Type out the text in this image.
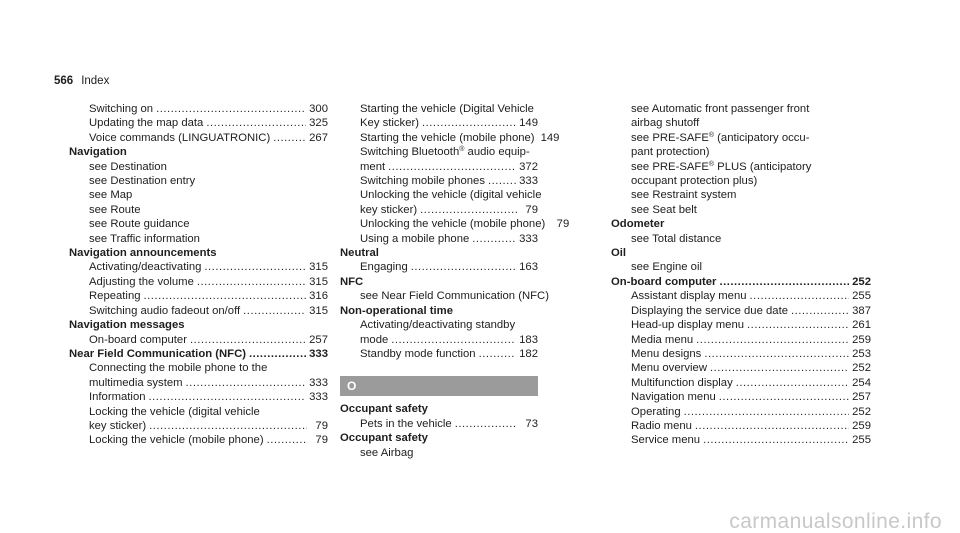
566 Index
Switching on .....	300
Updating the map data .....	325
Voice commands (LINGUATRONIC) .....	267
Navigation
see Destination
see Destination entry
see Map
see Route
see Route guidance
see Traffic information
Navigation announcements
Activating/deactivating .....	315
Adjusting the volume .....	315
Repeating .....	316
Switching audio fadeout on/off .....	315
Navigation messages
On-board computer .....	257
Near Field Communication (NFC) .....	333
Connecting the mobile phone to the
multimedia system .....	333
Information .....	333
Locking the vehicle (digital vehicle
key sticker) .....	79
Locking the vehicle (mobile phone) .....	79
Starting the vehicle (Digital Vehicle
Key sticker) .....	149
Starting the vehicle (mobile phone) 149
Switching Bluetooth® audio equip-
ment .....	372
Switching mobile phones .....	333
Unlocking the vehicle (digital vehicle
key sticker) .....	79
Unlocking the vehicle (mobile phone)	79
Using a mobile phone .....	333
Neutral
Engaging .....	163
NFC
see Near Field Communication (NFC)
Non-operational time
Activating/deactivating standby
mode .....	183
Standby mode function .....	182
O
Occupant safety
Pets in the vehicle .....	73
Occupant safety
see Airbag
see Automatic front passenger front
airbag shutoff
see PRE-SAFE® (anticipatory occu-
pant protection)
see PRE-SAFE® PLUS (anticipatory
occupant protection plus)
see Restraint system
see Seat belt
Odometer
see Total distance
Oil
see Engine oil
On-board computer .....	252
Assistant display menu .....	255
Displaying the service due date .....	387
Head-up display menu .....	261
Media menu .....	259
Menu designs .....	253
Menu overview .....	252
Multifunction display .....	254
Navigation menu .....	257
Operating .....	252
Radio menu .....	259
Service menu .....	255
carmanualsonline.info
